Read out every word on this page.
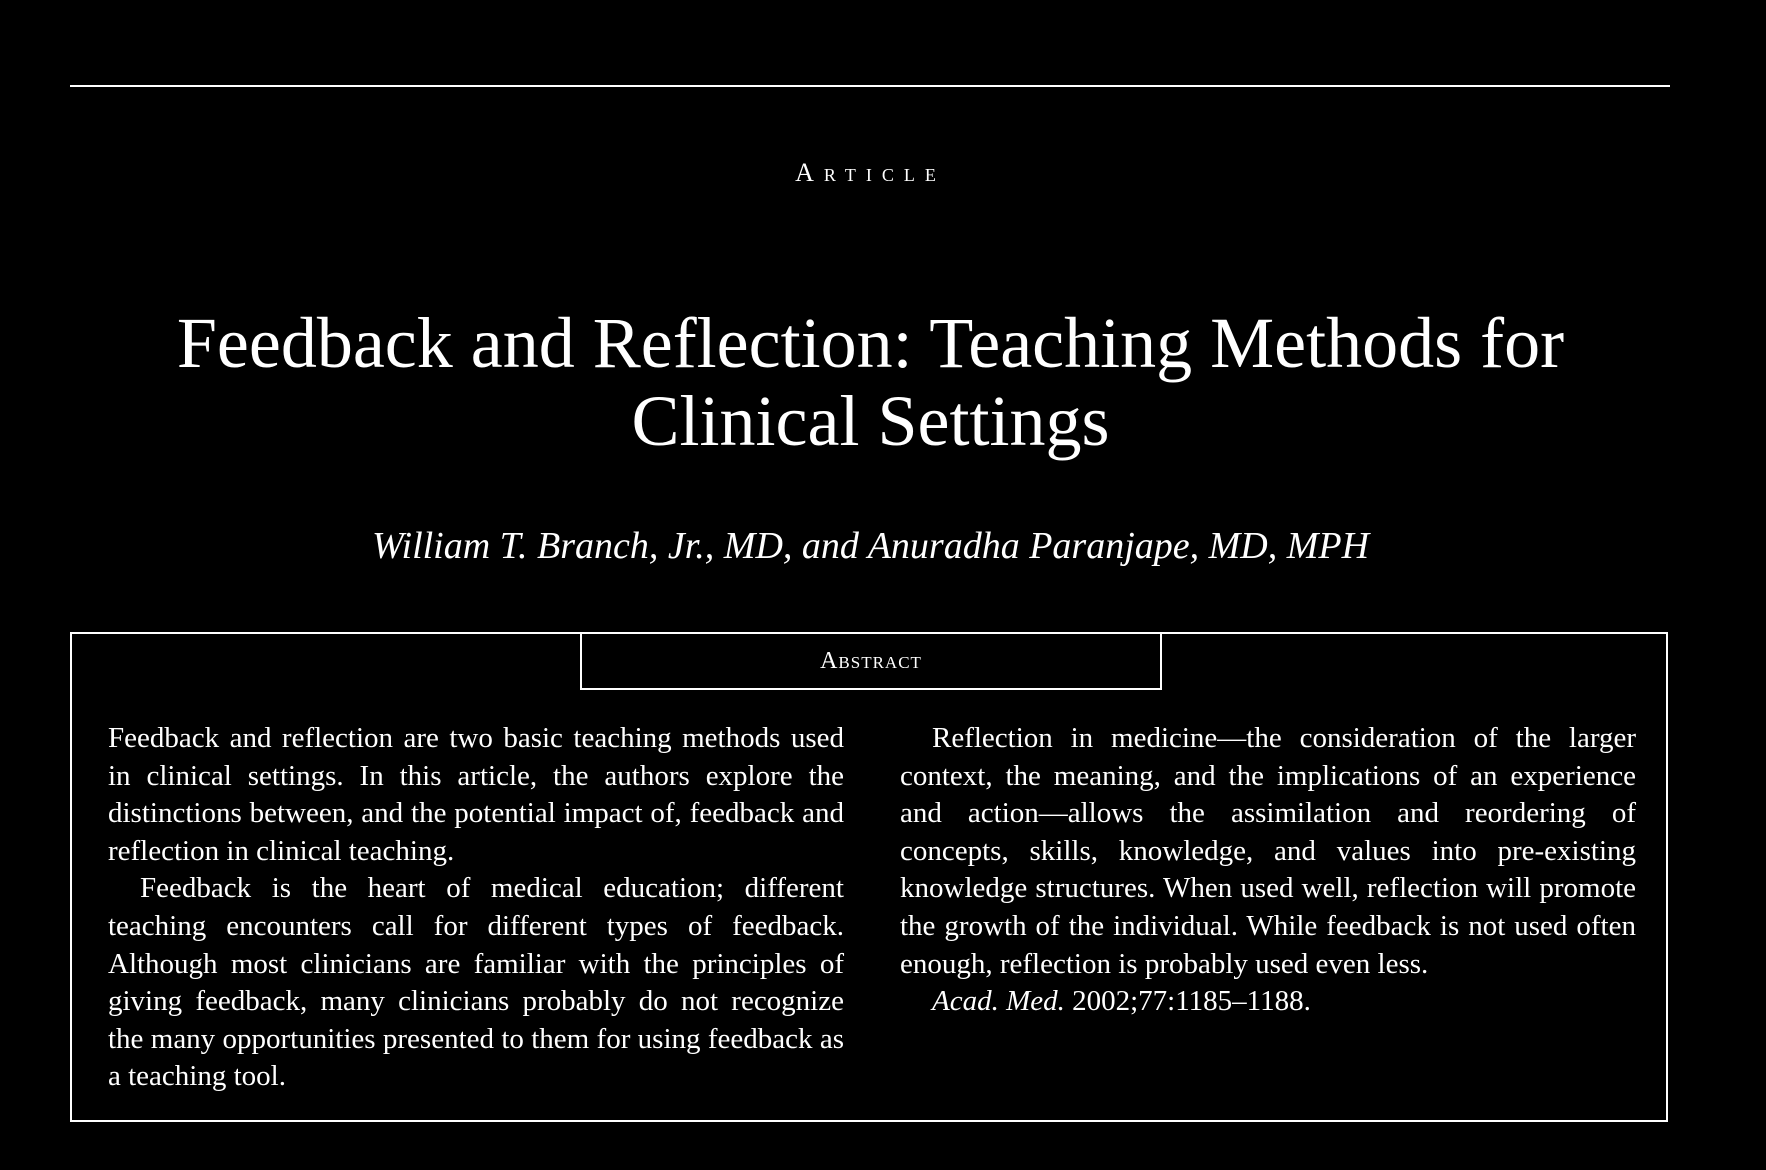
Article
Feedback and Reflection: Teaching Methods for
Clinical Settings
William T. Branch, Jr., MD, and Anuradha Paranjape, MD, MPH
Abstract

Feedback and reflection are two basic teaching methods used in clinical settings. In this article, the authors explore the distinctions between, and the potential impact of, feedback and reflection in clinical teaching.

Feedback is the heart of medical education; different teaching encounters call for different types of feedback. Although most clinicians are familiar with the principles of giving feedback, many clinicians probably do not recognize the many opportunities presented to them for using feedback as a teaching tool.

Reflection in medicine—the consideration of the larger context, the meaning, and the implications of an experience and action—allows the assimilation and reordering of concepts, skills, knowledge, and values into pre-existing knowledge structures. When used well, reflection will promote the growth of the individual. While feedback is not used often enough, reflection is probably used even less.

Acad. Med. 2002;77:1185–1188.
